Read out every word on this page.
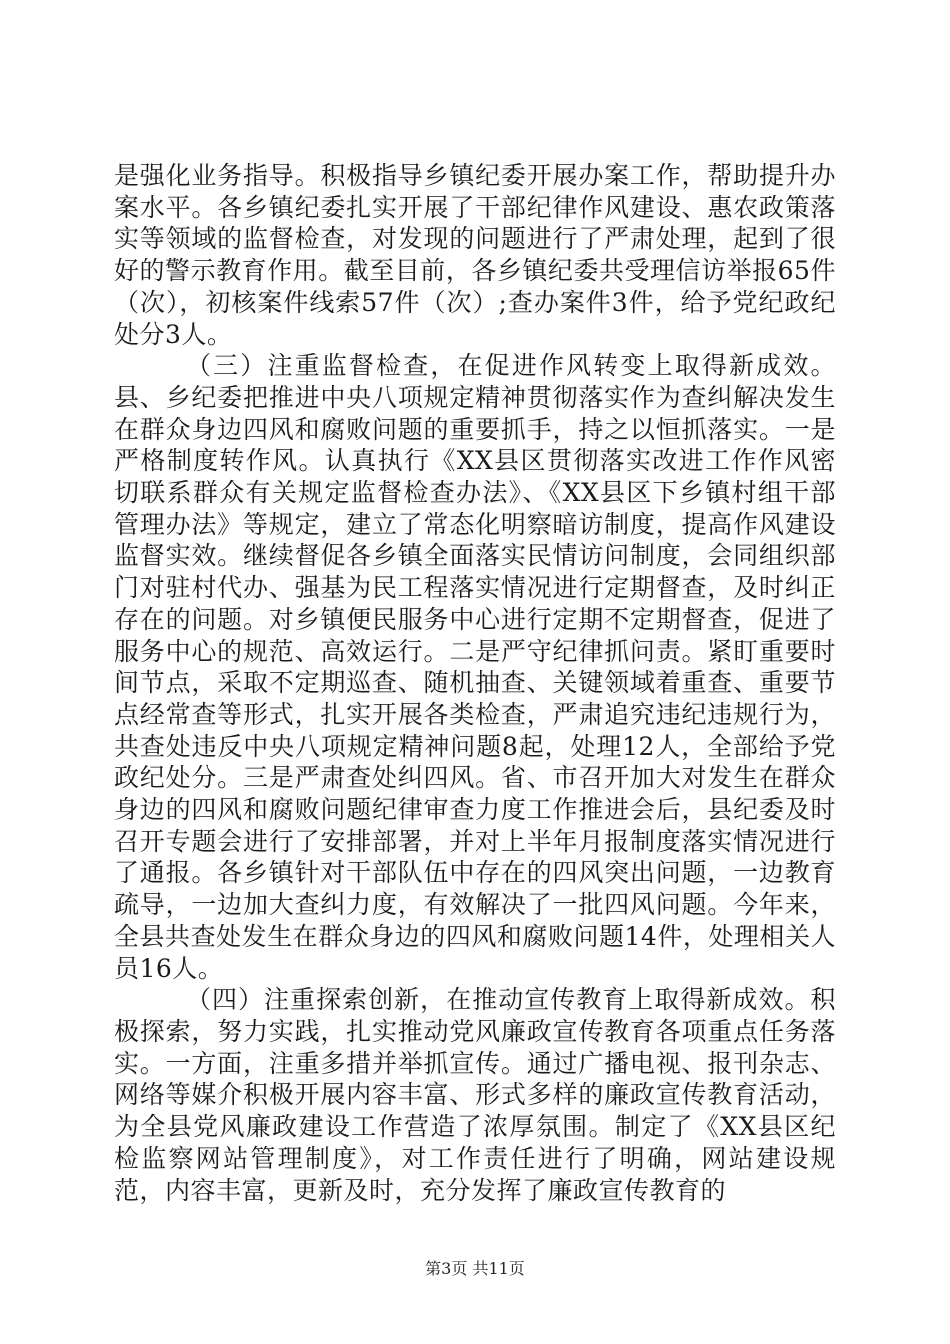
是强化业务指导。积极指导乡镇纪委开展办案工作，帮助提升办案水平。各乡镇纪委扎实开展了干部纪律作风建设、惠农政策落实等领域的监督检查，对发现的问题进行了严肃处理，起到了很好的警示教育作用。截至目前，各乡镇纪委共受理信访举报65件（次），初核案件线索57件（次）;查办案件3件，给予党纪政纪处分3人。

（三）注重监督检查，在促进作风转变上取得新成效。县、乡纪委把推进中央八项规定精神贯彻落实作为查纠解决发生在群众身边四风和腐败问题的重要抓手，持之以恒抓落实。一是严格制度转作风。认真执行《XX县区贯彻落实改进工作作风密切联系群众有关规定监督检查办法》、《XX县区下乡镇村组干部管理办法》等规定，建立了常态化明察暗访制度，提高作风建设监督实效。继续督促各乡镇全面落实民情访问制度，会同组织部门对驻村代办、强基为民工程落实情况进行定期督查，及时纠正存在的问题。对乡镇便民服务中心进行定期不定期督查，促进了服务中心的规范、高效运行。二是严守纪律抓问责。紧盯重要时间节点，采取不定期巡查、随机抽查、关键领域着重查、重要节点经常查等形式，扎实开展各类检查，严肃追究违纪违规行为，共查处违反中央八项规定精神问题8起，处理12人，全部给予党政纪处分。三是严肃查处纠四风。省、市召开加大对发生在群众身边的四风和腐败问题纪律审查力度工作推进会后，县纪委及时召开专题会进行了安排部署，并对上半年月报制度落实情况进行了通报。各乡镇针对干部队伍中存在的四风突出问题，一边教育疏导，一边加大查纠力度，有效解决了一批四风问题。今年来，全县共查处发生在群众身边的四风和腐败问题14件，处理相关人员16人。

（四）注重探索创新，在推动宣传教育上取得新成效。积极探索，努力实践，扎实推动党风廉政宣传教育各项重点任务落实。一方面，注重多措并举抓宣传。通过广播电视、报刊杂志、网络等媒介积极开展内容丰富、形式多样的廉政宣传教育活动，为全县党风廉政建设工作营造了浓厚氛围。制定了《XX县区纪检监察网站管理制度》，对工作责任进行了明确，网站建设规范，内容丰富，更新及时，充分发挥了廉政宣传教育的

第3页 共11页
